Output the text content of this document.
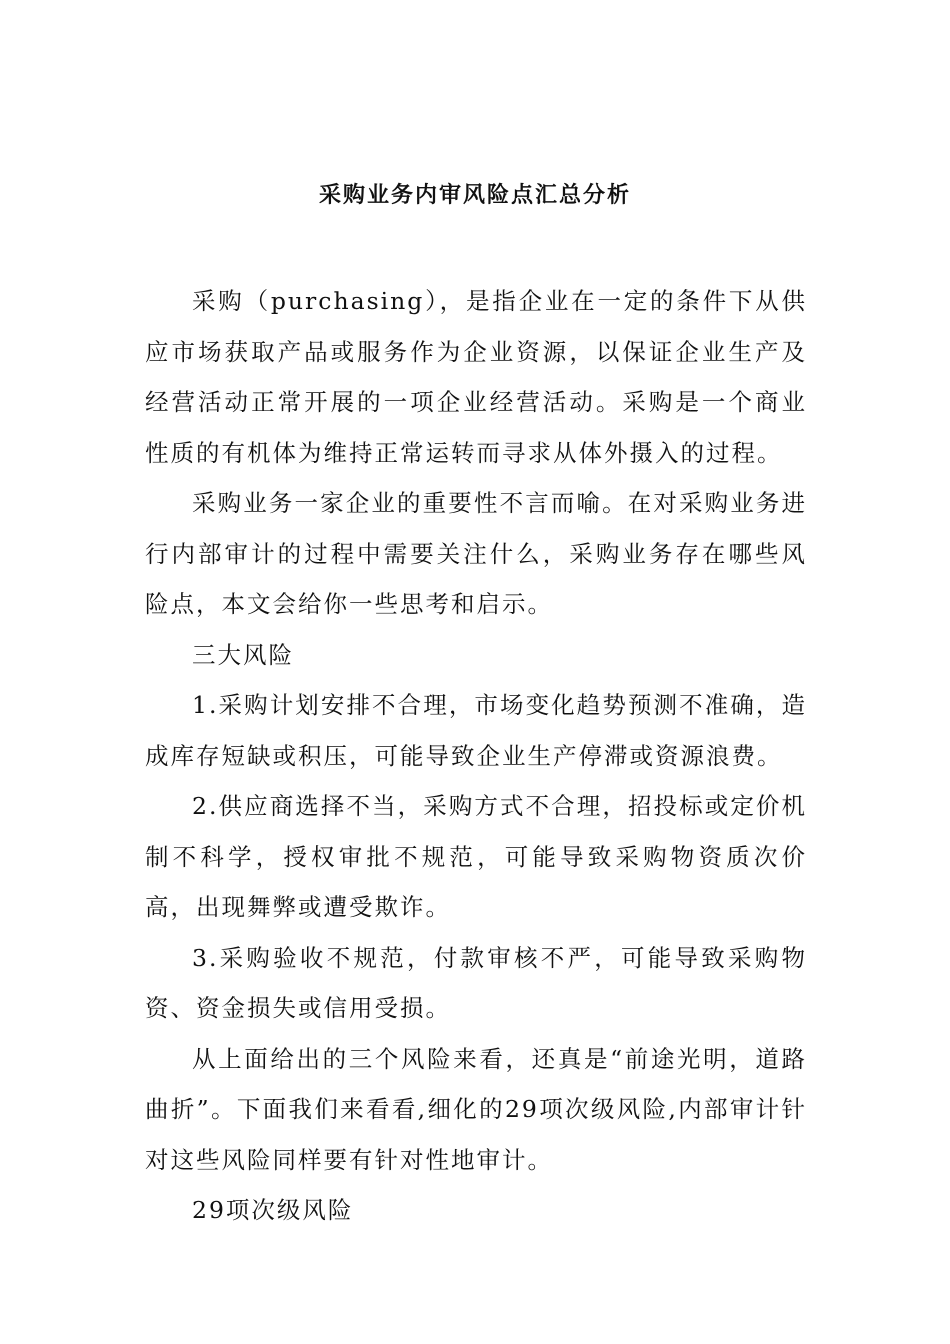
采购业务内审风险点汇总分析

采购（purchasing），是指企业在一定的条件下从供应市场获取产品或服务作为企业资源，以保证企业生产及经营活动正常开展的一项企业经营活动。采购是一个商业性质的有机体为维持正常运转而寻求从体外摄入的过程。

采购业务一家企业的重要性不言而喻。在对采购业务进行内部审计的过程中需要关注什么，采购业务存在哪些风险点，本文会给你一些思考和启示。

三大风险

1.采购计划安排不合理，市场变化趋势预测不准确，造成库存短缺或积压，可能导致企业生产停滞或资源浪费。

2.供应商选择不当，采购方式不合理，招投标或定价机制不科学，授权审批不规范，可能导致采购物资质次价高，出现舞弊或遭受欺诈。

3.采购验收不规范，付款审核不严，可能导致采购物资、资金损失或信用受损。

从上面给出的三个风险来看，还真是“前途光明，道路曲折”。下面我们来看看,细化的29项次级风险,内部审计针对这些风险同样要有针对性地审计。

29项次级风险
